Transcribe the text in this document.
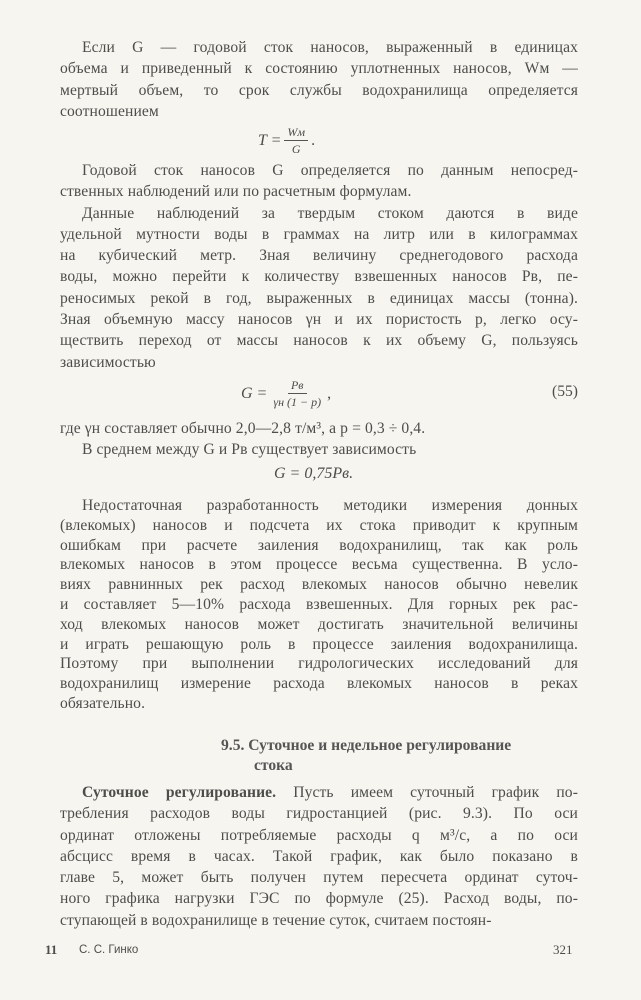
Если G — годовой сток наносов, выраженный в единицах
объема и приведенный к состоянию уплотненных наносов, Wм —
мертвый объем, то срок службы водохранилища определяется
соотношением
$T = \frac{Wм}{G}$ .
Годовой сток наносов G определяется по данным непосред-
ственных наблюдений или по расчетным формулам.
Данные наблюдений за твердым стоком даются в виде
удельной мутности воды в граммах на литр или в килограммах
на кубический метр. Зная величину среднегодового расхода
воды, можно перейти к количеству взвешенных наносов Pв, пе-
реносимых рекой в год, выраженных в единицах массы (тонна).
Зная объемную массу наносов γн и их пористость p, легко осу-
ществить переход от массы наносов к их объему G, пользуясь
зависимостью
$G = \frac{Pв}{\gamma н (1 - p)}$ ,	(55)
где γн составляет обычно 2,0—2,8 т/м³, а p = 0,3 ÷ 0,4.
В среднем между G и Pв существует зависимость
G = 0,75Pв.
Недостаточная разработанность методики измерения донных
(влекомых) наносов и подсчета их стока приводит к крупным
ошибкам при расчете заиления водохранилищ, так как роль
влекомых наносов в этом процессе весьма существенна. В усло-
виях равнинных рек расход влекомых наносов обычно невелик
и составляет 5—10% расхода взвешенных. Для горных рек рас-
ход влекомых наносов может достигать значительной величины
и играть решающую роль в процессе заиления водохранилища.
Поэтому при выполнении гидрологических исследований для
водохранилищ измерение расхода влекомых наносов в реках
обязательно.
9.5. Суточное и недельное регулирование
стока
Суточное регулирование. Пусть имеем суточный график по-
требления расходов воды гидростанцией (рис. 9.3). По оси
ординат отложены потребляемые расходы q м³/с, а по оси
абсцисс время в часах. Такой график, как было показано в
главе 5, может быть получен путем пересчета ординат суточ-
ного графика нагрузки ГЭС по формуле (25). Расход воды, по-
ступающей в водохранилище в течение суток, считаем постоян-
11 С. С. Гинко	321
